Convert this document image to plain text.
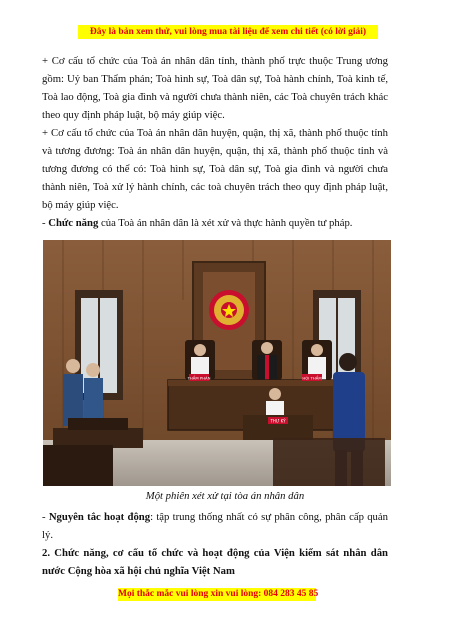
Đây là bản xem thử, vui lòng mua tài liệu để xem chi tiết (có lời giải)

+ Cơ cấu tổ chức của Toà án nhân dân tỉnh, thành phố trực thuộc Trung ương gồm: Uỷ ban Thẩm phán; Toà hình sự, Toà dân sự, Toà hành chính, Toà kinh tế, Toà lao động, Toà gia đình và người chưa thành niên, các Toà chuyên trách khác theo quy định pháp luật, bộ máy giúp việc.

+ Cơ cấu tổ chức của Toà án nhân dân huyện, quận, thị xã, thành phố thuộc tỉnh và tương đương: Toà án nhân dân huyện, quận, thị xã, thành phố thuộc tỉnh và tương đương có thể có: Toà hình sự, Toà dân sự, Toà gia đình và người chưa thành niên, Toà xử lý hành chính, các toà chuyên trách theo quy định pháp luật, bộ máy giúp việc.

- Chức năng của Toà án nhân dân là xét xử và thực hành quyền tư pháp.

THẨM PHÁN	HỘI THẨM
THƯ KÝ
Một phiên xét xử tại tòa án nhân dân

- Nguyên tắc hoạt động: tập trung thống nhất có sự phân công, phân cấp quản lý.

2. Chức năng, cơ cấu tổ chức và hoạt động của Viện kiểm sát nhân dân nước Cộng hòa xã hội chủ nghĩa Việt Nam

Mọi thắc mắc vui lòng xin vui lòng: 084 283 45 85
